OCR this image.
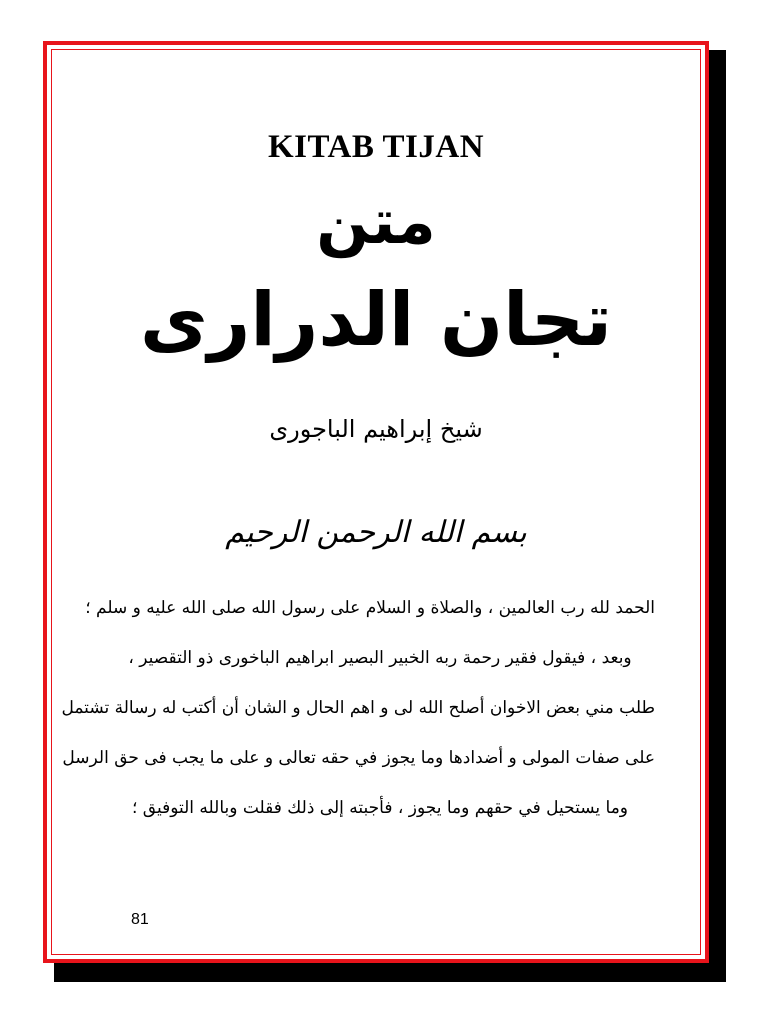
KITAB TIJAN
متن
تجان الدرارى
شيخ إبراهيم الباجورى
بسم الله الرحمن الرحيم
الحمد لله رب العالمين ، والصلاة و السلام على رسول الله صلى الله عليه و سلم ؛
وبعد ، فيقول فقير رحمة ربه الخبير البصير ابراهيم الباخورى ذو التقصير ،
طلب مني بعض الاخوان أصلح الله لى و اهم الحال و الشان أن أكتب له رسالة تشتمل
على صفات المولى و أضدادها وما يجوز في حقه تعالى و على ما يجب فى حق الرسل
وما يستحيل في حقهم وما يجوز ، فأجبته إلى ذلك فقلت وبالله التوفيق ؛
81
